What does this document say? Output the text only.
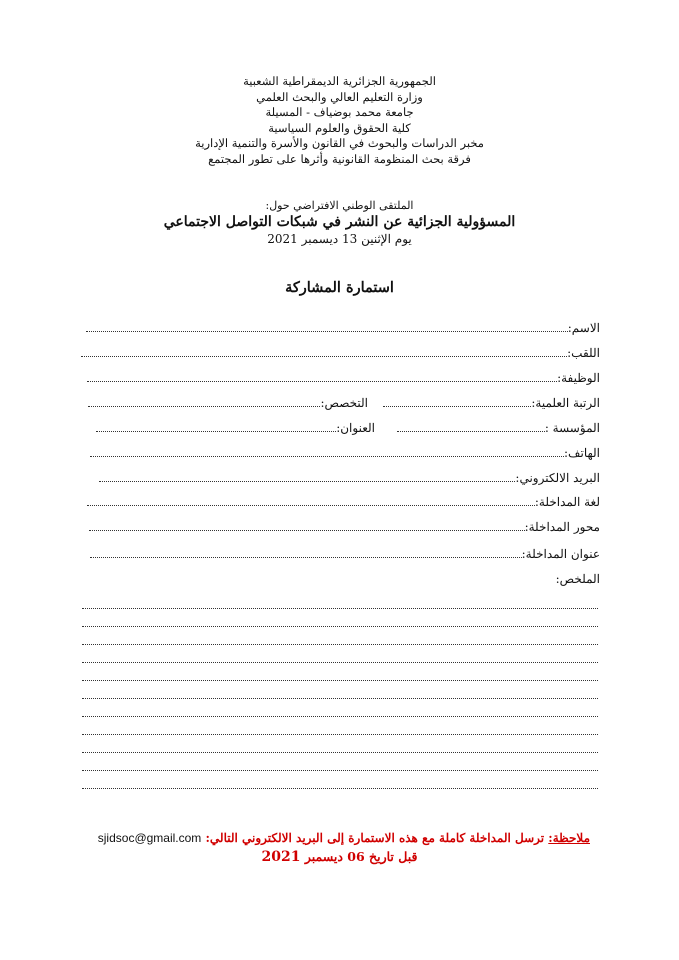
الجمهورية الجزائرية الديمقراطية الشعبية
وزارة التعليم العالي والبحث العلمي
جامعة محمد بوضياف - المسيلة
كلية الحقوق والعلوم السياسية
مخبر الدراسات والبحوث في القانون والأسرة والتنمية الإدارية
فرقة بحث المنظومة القانونية وأثرها على تطور المجتمع
الملتقى الوطني الافتراضي حول:
المسؤولية الجزائية عن النشر في شبكات التواصل الاجتماعي
يوم الإثنين 13 ديسمبر 2021
استمارة المشاركة
الاسم:
اللقب:
الوظيفة:
الرتبة العلمية:
التخصص:
المؤسسة :
العنوان:
الهاتف:
البريد الالكتروني:
لغة المداخلة:
محور المداخلة:
عنوان المداخلة:
الملخص:
ملاحظة: ترسل المداخلة كاملة مع هذه الاستمارة إلى البريد الالكتروني التالي: sjidsoc@gmail.com
قبل تاريخ 06 ديسمبر 2021
